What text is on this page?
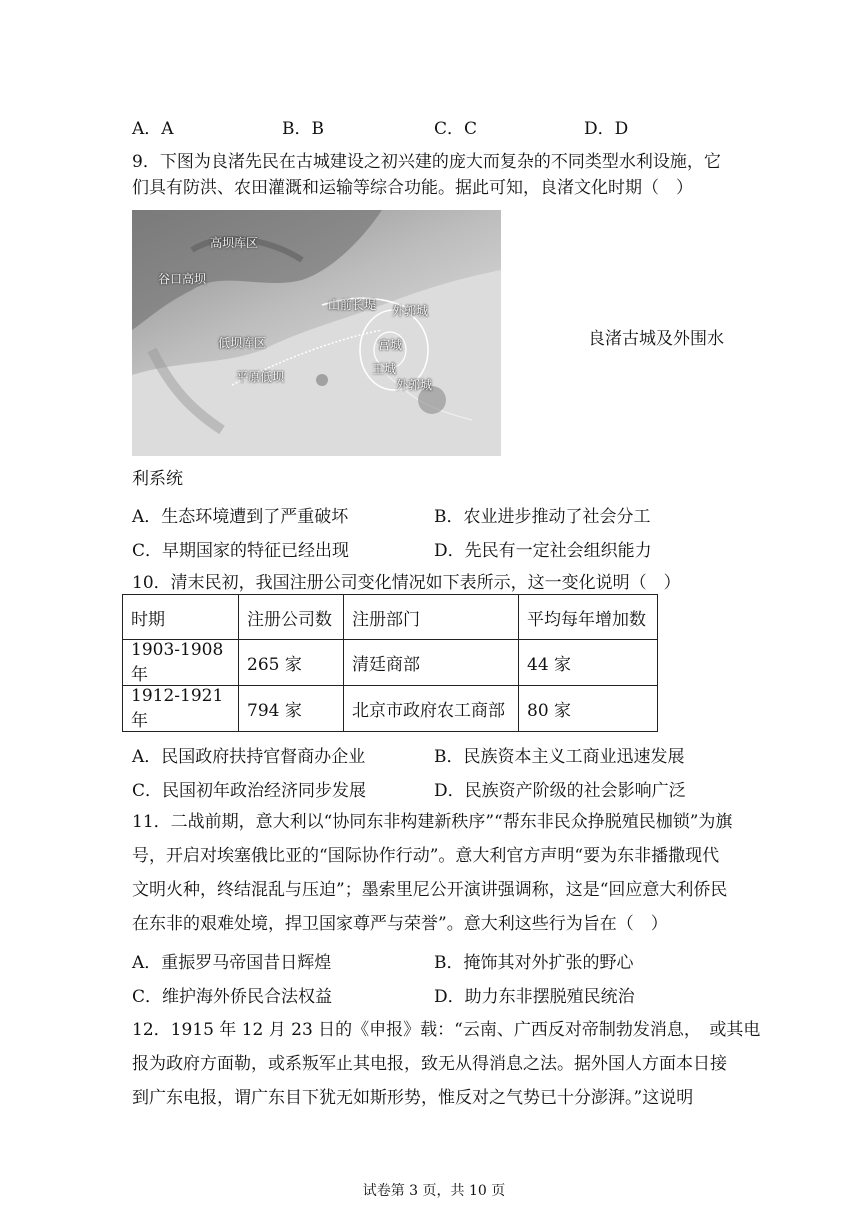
A．A	B．B	C．C	D．D
9．下图为良渚先民在古城建设之初兴建的庞大而复杂的不同类型水利设施，它
们具有防洪、农田灌溉和运输等综合功能。据此可知，良渚文化时期（　）
高坝库区
谷口高坝
山前长堤 外郭城
低坝库区	宫城
王城
平原低坝
外郭城
良渚古城及外围水
利系统
A．生态环境遭到了严重破坏	B．农业进步推动了社会分工
C．早期国家的特征已经出现	D．先民有一定社会组织能力
10．清末民初，我国注册公司变化情况如下表所示，这一变化说明（　）
时期	注册公司数	注册部门	平均每年增加数
1903-1908 年	265 家	清廷商部	44 家
1912-1921 年	794 家	北京市政府农工商部	80 家
A．民国政府扶持官督商办企业	B．民族资本主义工商业迅速发展
C．民国初年政治经济同步发展	D．民族资产阶级的社会影响广泛
11．二战前期，意大利以“协同东非构建新秩序”“帮东非民众挣脱殖民枷锁”为旗
号，开启对埃塞俄比亚的“国际协作行动”。意大利官方声明“要为东非播撒现代
文明火种，终结混乱与压迫”；墨索里尼公开演讲强调称，这是“回应意大利侨民
在东非的艰难处境，捍卫国家尊严与荣誉”。意大利这些行为旨在（　）
A．重振罗马帝国昔日辉煌	B．掩饰其对外扩张的野心
C．维护海外侨民合法权益	D．助力东非摆脱殖民统治
12．1915 年 12 月 23 日的《申报》载：“云南、广西反对帝制勃发消息，　或其电
报为政府方面勒，或系叛军止其电报，致无从得消息之法。据外国人方面本日接
到广东电报，谓广东目下犹无如斯形势，惟反对之气势已十分澎湃。”这说明
试卷第 3 页，共 10 页
